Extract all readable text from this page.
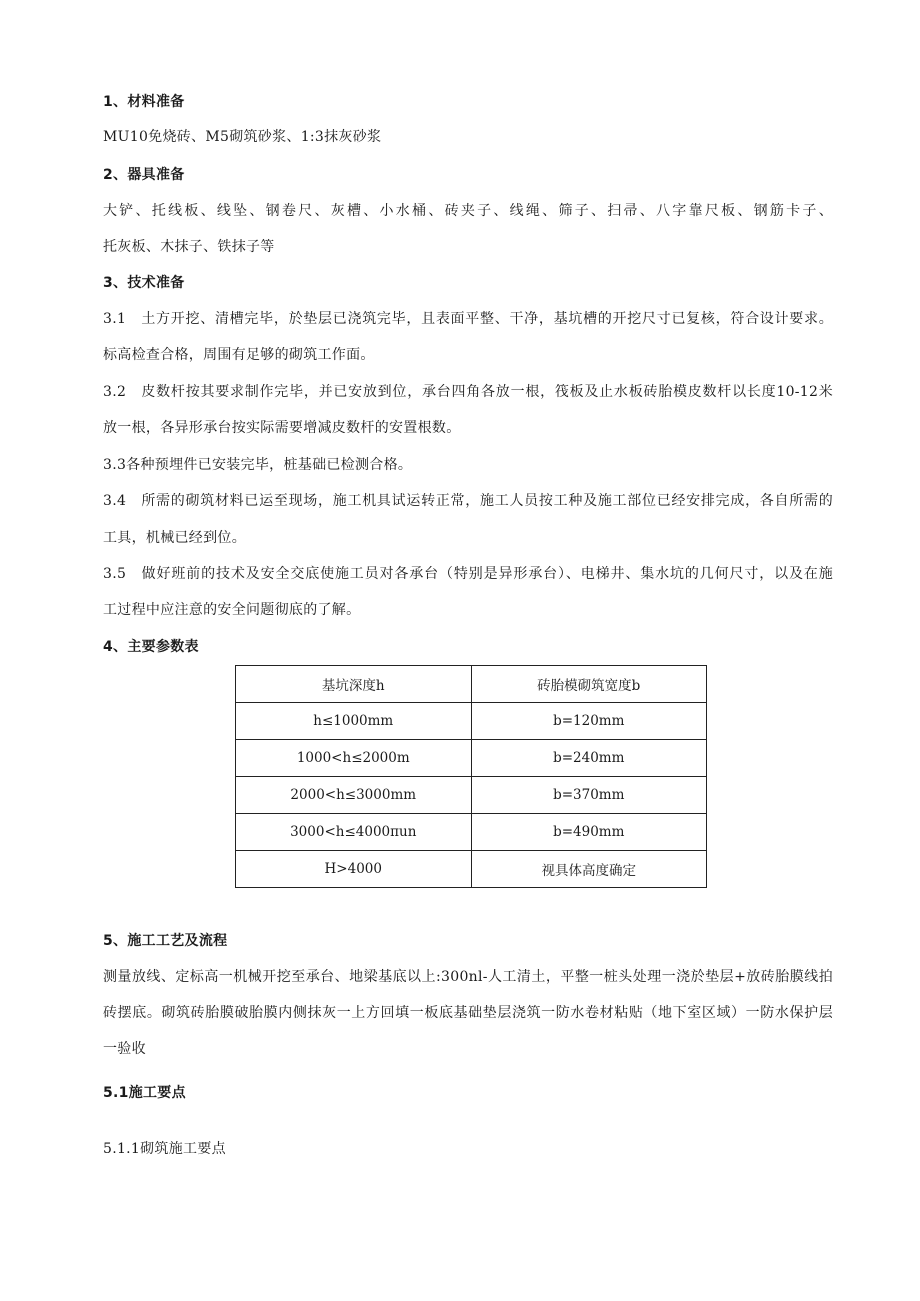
1、材料准备
MU10免烧砖、M5砌筑砂浆、1:3抹灰砂浆
2、器具准备
大铲、托线板、线坠、钢卷尺、灰槽、小水桶、砖夹子、线绳、筛子、扫帚、八字靠尺板、钢筋卡子、
托灰板、木抹子、铁抹子等
3、技术准备
3.1　土方开挖、清槽完毕，於垫层已浇筑完毕，且表面平整、干净，基坑槽的开挖尺寸已复核，符合设计要求。
标高检查合格，周围有足够的砌筑工作面。
3.2　皮数杆按其要求制作完毕，并已安放到位，承台四角各放一根，筏板及止水板砖胎模皮数杆以长度10-12米
放一根，各异形承台按实际需要增减皮数杆的安置根数。
3.3各种预埋件已安装完毕，桩基础已检测合格。
3.4　所需的砌筑材料已运至现场，施工机具试运转正常，施工人员按工种及施工部位已经安排完成，各自所需的
工具，机械已经到位。
3.5　做好班前的技术及安全交底使施工员对各承台（特别是异形承台）、电梯井、集水坑的几何尺寸，以及在施
工过程中应注意的安全问题彻底的了解。
4、主要参数表
基坑深度h	砖胎模砌筑宽度b
h≤1000mm	b=120mm
1000<h≤2000m	b=240mm
2000<h≤3000mm	b=370mm
3000<h≤4000πun	b=490mm
H>4000	视具体高度确定
5、施工工艺及流程
测量放线、定标高一机械开挖至承台、地梁基底以上:300nl-人工清土，平整一桩头处理一浇於垫层+放砖胎膜线拍
砖摆底。砌筑砖胎膜破胎膜内侧抹灰一上方回填一板底基础垫层浇筑一防水卷材粘贴（地下室区域）一防水保护层
一验收
5.1施工要点
5.1.1砌筑施工要点
